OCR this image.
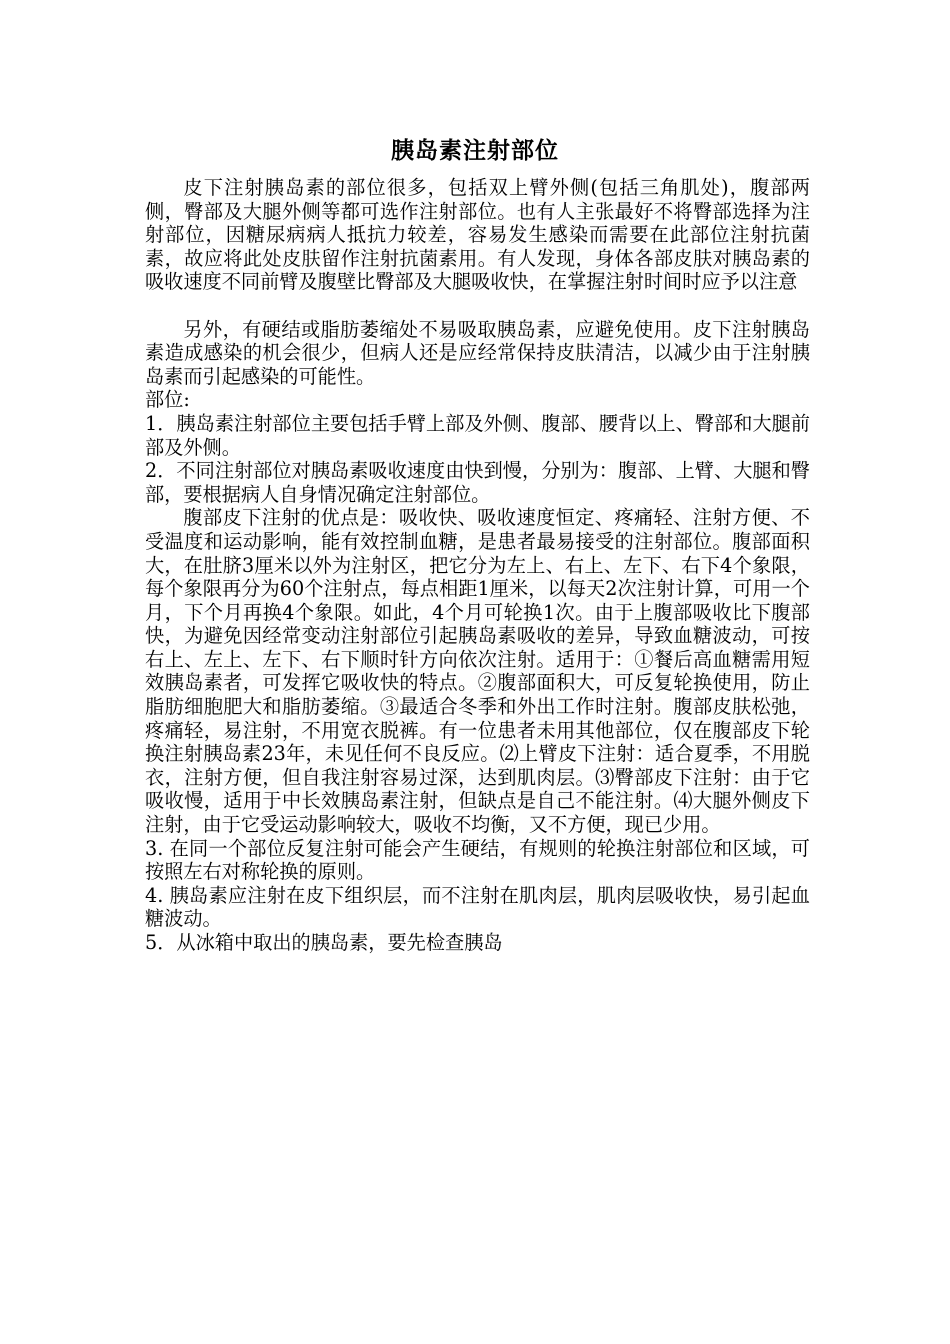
胰岛素注射部位

皮下注射胰岛素的部位很多，包括双上臂外侧(包括三角肌处)，腹部两侧，臀部及大腿外侧等都可选作注射部位。也有人主张最好不将臀部选择为注射部位，因糖尿病病人抵抗力较差，容易发生感染而需要在此部位注射抗菌素，故应将此处皮肤留作注射抗菌素用。有人发现，身体各部皮肤对胰岛素的吸收速度不同前臂及腹壁比臀部及大腿吸收快，在掌握注射时间时应予以注意

另外，有硬结或脂肪萎缩处不易吸取胰岛素，应避免使用。皮下注射胰岛素造成感染的机会很少，但病人还是应经常保持皮肤清洁，以减少由于注射胰岛素而引起感染的可能性。

部位:

1．胰岛素注射部位主要包括手臂上部及外侧、腹部、腰背以上、臀部和大腿前部及外侧。

2．不同注射部位对胰岛素吸收速度由快到慢，分别为：腹部、上臂、大腿和臀部，要根据病人自身情况确定注射部位。

腹部皮下注射的优点是：吸收快、吸收速度恒定、疼痛轻、注射方便、不受温度和运动影响，能有效控制血糖，是患者最易接受的注射部位。腹部面积大，在肚脐3厘米以外为注射区，把它分为左上、右上、左下、右下4个象限，每个象限再分为60个注射点，每点相距1厘米，以每天2次注射计算，可用一个月，下个月再换4个象限。如此，4个月可轮换1次。由于上腹部吸收比下腹部快，为避免因经常变动注射部位引起胰岛素吸收的差异，导致血糖波动，可按右上、左上、左下、右下顺时针方向依次注射。适用于：①餐后高血糖需用短效胰岛素者，可发挥它吸收快的特点。②腹部面积大，可反复轮换使用，防止脂肪细胞肥大和脂肪萎缩。③最适合冬季和外出工作时注射。腹部皮肤松弛，疼痛轻，易注射，不用宽衣脱裤。有一位患者未用其他部位，仅在腹部皮下轮换注射胰岛素23年，未见任何不良反应。⑵上臂皮下注射：适合夏季，不用脱衣，注射方便，但自我注射容易过深，达到肌肉层。⑶臀部皮下注射：由于它吸收慢，适用于中长效胰岛素注射，但缺点是自己不能注射。⑷大腿外侧皮下注射，由于它受运动影响较大，吸收不均衡，又不方便，现已少用。

3. 在同一个部位反复注射可能会产生硬结，有规则的轮换注射部位和区域，可按照左右对称轮换的原则。

4. 胰岛素应注射在皮下组织层，而不注射在肌肉层，肌肉层吸收快，易引起血糖波动。

5．从冰箱中取出的胰岛素，要先检查胰岛
